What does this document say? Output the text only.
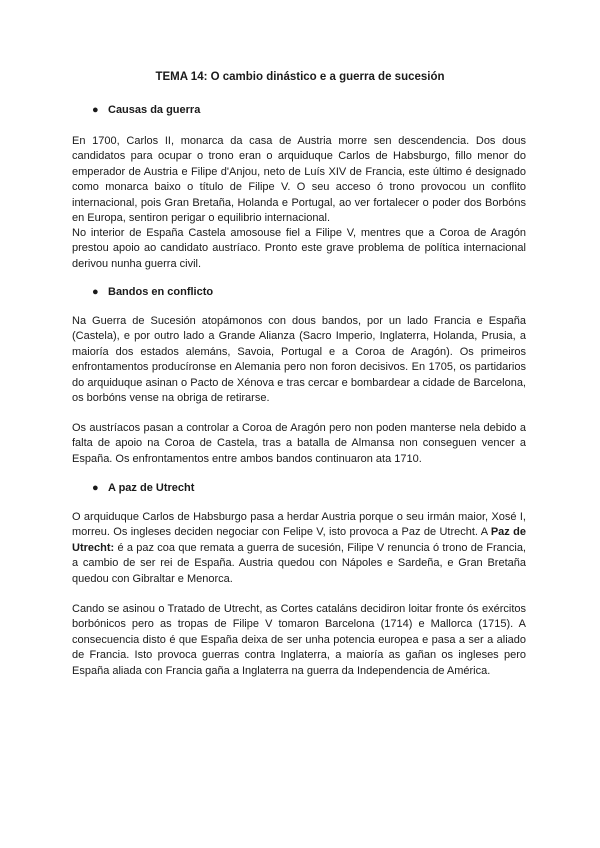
TEMA 14: O cambio dinástico e a guerra de sucesión
● Causas da guerra

En 1700, Carlos II, monarca da casa de Austria morre sen descendencia. Dos dous candidatos para ocupar o trono eran o arquiduque Carlos de Habsburgo, fillo menor do emperador de Austria e Filipe d'Anjou, neto de Luís XIV de Francia, este último é designado como monarca baixo o título de Filipe V. O seu acceso ó trono provocou un conflito internacional, pois Gran Bretaña, Holanda e Portugal, ao ver fortalecer o poder dos Borbóns en Europa, sentiron perigar o equilibrio internacional.

No interior de España Castela amosouse fiel a Filipe V, mentres que a Coroa de Aragón prestou apoio ao candidato austríaco. Pronto este grave problema de política internacional derivou nunha guerra civil.

● Bandos en conflicto

Na Guerra de Sucesión atopámonos con dous bandos, por un lado Francia e España (Castela), e por outro lado a Grande Alianza (Sacro Imperio, Inglaterra, Holanda, Prusia, a maioría dos estados alemáns, Savoia, Portugal e a Coroa de Aragón). Os primeiros enfrontamentos producíronse en Alemania pero non foron decisivos. En 1705, os partidarios do arquiduque asinan o Pacto de Xénova e tras cercar e bombardear a cidade de Barcelona, os borbóns vense na obriga de retirarse.

Os austríacos pasan a controlar a Coroa de Aragón pero non poden manterse nela debido a falta de apoio na Coroa de Castela, tras a batalla de Almansa non conseguen vencer a España. Os enfrontamentos entre ambos bandos continuaron ata 1710.

● A paz de Utrecht

O arquiduque Carlos de Habsburgo pasa a herdar Austria porque o seu irmán maior, Xosé I, morreu. Os ingleses deciden negociar con Felipe V, isto provoca a Paz de Utrecht. A Paz de Utrecht: é a paz coa que remata a guerra de sucesión, Filipe V renuncia ó trono de Francia, a cambio de ser rei de España. Austria quedou con Nápoles e Sardeña, e Gran Bretaña quedou con Gibraltar e Menorca.

Cando se asinou o Tratado de Utrecht, as Cortes cataláns decidiron loitar fronte ós exércitos borbónicos pero as tropas de Filipe V tomaron Barcelona (1714) e Mallorca (1715). A consecuencia disto é que España deixa de ser unha potencia europea e pasa a ser a aliado de Francia. Isto provoca guerras contra Inglaterra, a maioría as gañan os ingleses pero España aliada con Francia gaña a Inglaterra na guerra da Independencia de América.
